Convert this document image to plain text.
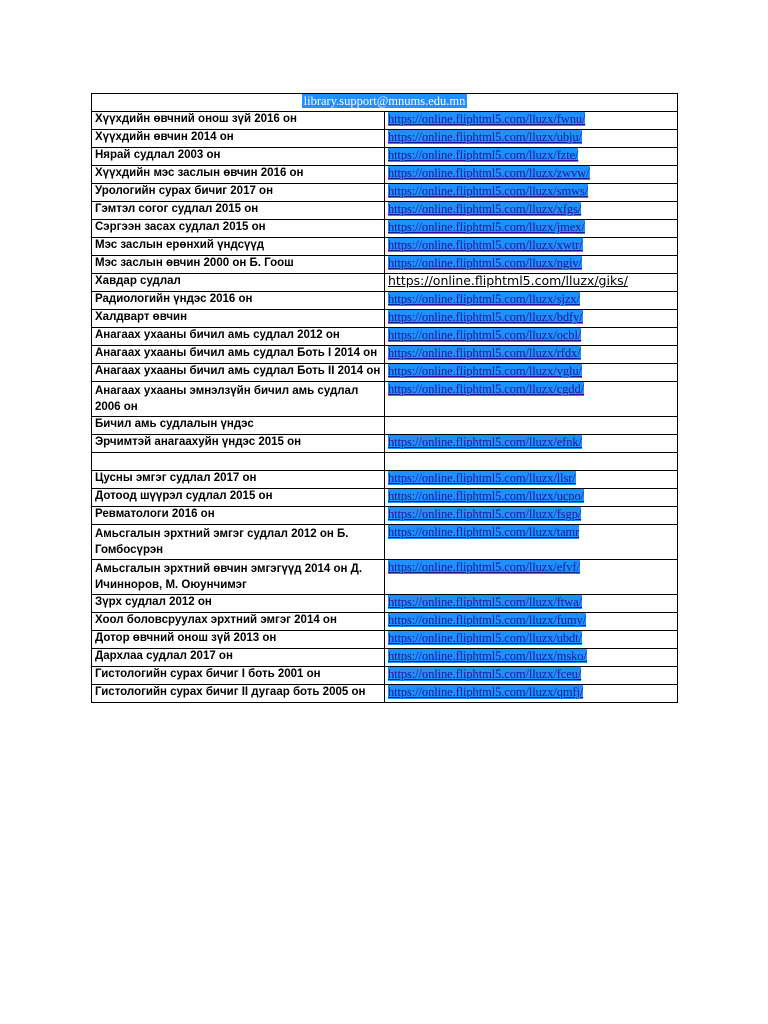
library.support@mnums.edu.mn	
Хүүхдийн өвчний онош зүй 2016 он	https://online.fliphtml5.com/lluzx/fwnu/
Хүүхдийн өвчин 2014 он	https://online.fliphtml5.com/lluzx/ubju/
Нярай судлал 2003 он	https://online.fliphtml5.com/lluzx/fzte/
Хүүхдийн мэс заслын өвчин 2016 он	https://online.fliphtml5.com/lluzx/zwvw/
Урологийн сурах бичиг 2017 он	https://online.fliphtml5.com/lluzx/smws/
Гэмтэл согог судлал 2015 он	https://online.fliphtml5.com/lluzx/xfgs/
Сэргээн засах судлал 2015 он	https://online.fliphtml5.com/lluzx/jmex/
Мэс заслын ерөнхий үндсүүд	https://online.fliphtml5.com/lluzx/xwtr/
Мэс заслын өвчин 2000 он Б. Гоош	https://online.fliphtml5.com/lluzx/ngiv/
Хавдар судлал	https://online.fliphtml5.com/lluzx/giks/
Радиологийн үндэс 2016 он	https://online.fliphtml5.com/lluzx/sjzx/
Халдварт өвчин	https://online.fliphtml5.com/lluzx/bdfy/
Анагаах ухааны бичил амь судлал 2012 он	https://online.fliphtml5.com/lluzx/ocbl/
Анагаах ухааны бичил амь судлал Боть I 2014 он	https://online.fliphtml5.com/lluzx/rfdx/
Анагаах ухааны бичил амь судлал Боть II 2014 он	https://online.fliphtml5.com/lluzx/vglu/
Анагаах ухааны эмнэлзүйн бичил амь судлал 2006 он	https://online.fliphtml5.com/lluzx/cgdd/
Бичил амь судлалын үндэс	
Эрчимтэй анагаахуйн үндэс 2015 он	https://online.fliphtml5.com/lluzx/efnk/

Цусны эмгэг судлал 2017 он	https://online.fliphtml5.com/lluzx/llsr/
Дотоод шүүрэл судлал 2015 он	https://online.fliphtml5.com/lluzx/ucpo/
Ревматологи 2016 он	https://online.fliphtml5.com/lluzx/fsgp/
Амьсгалын эрхтний эмгэг судлал 2012 он Б. Гомбосүрэн	https://online.fliphtml5.com/lluzx/tamr
Амьсгалын эрхтний өвчин эмгэгүүд 2014 он Д. Ичинноров, М. Оюунчимэг	https://online.fliphtml5.com/lluzx/efvf/
Зүрх судлал 2012 он	https://online.fliphtml5.com/lluzx/ftwa/
Хоол боловсруулах эрхтний эмгэг 2014 он	https://online.fliphtml5.com/lluzx/fumy/
Дотор өвчний онош зүй 2013 он	https://online.fliphtml5.com/lluzx/ubdt/
Дархлаа судлал 2017 он	https://online.fliphtml5.com/lluzx/msko/
Гистологийн сурах бичиг I боть 2001 он	https://online.fliphtml5.com/lluzx/fceu/
Гистологийн сурах бичиг II дугаар боть 2005 он	https://online.fliphtml5.com/lluzx/qmfj/
